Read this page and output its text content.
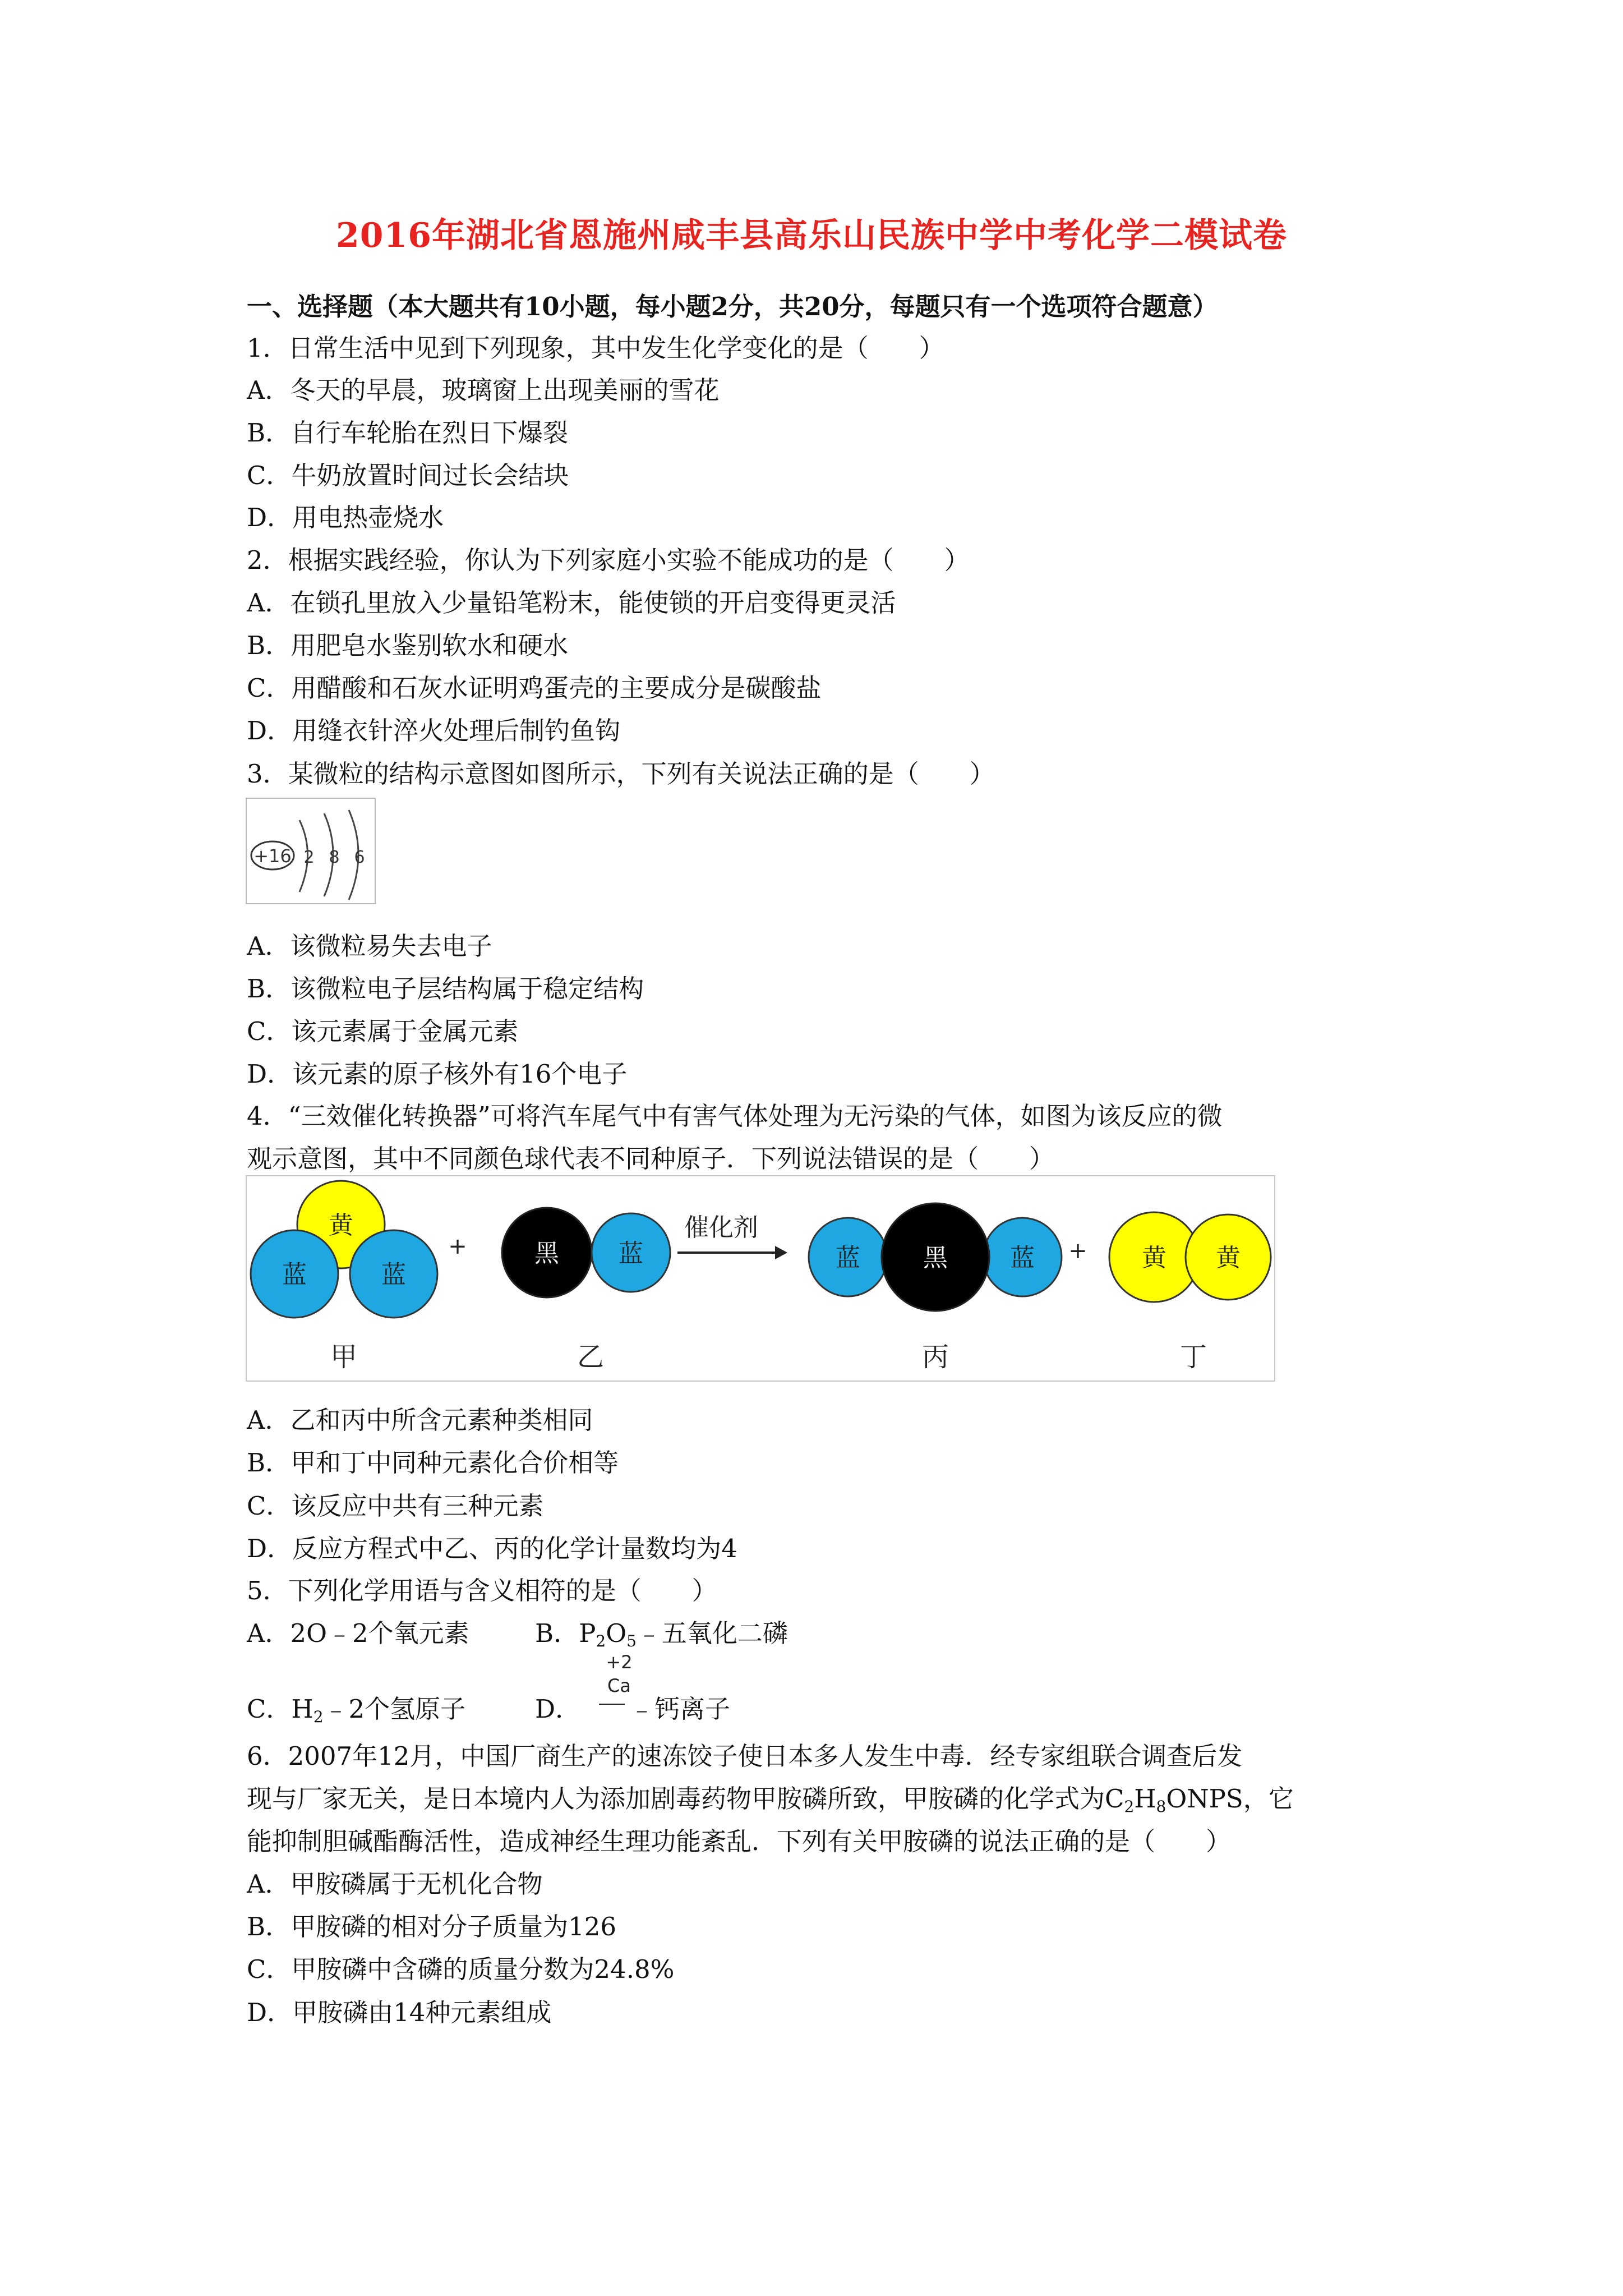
2016年湖北省恩施州咸丰县高乐山民族中学中考化学二模试卷
一、选择题（本大题共有10小题，每小题2分，共20分，每题只有一个选项符合题意）
1．日常生活中见到下列现象，其中发生化学变化的是（　　）
A．冬天的早晨，玻璃窗上出现美丽的雪花
B．自行车轮胎在烈日下爆裂
C．牛奶放置时间过长会结块
D．用电热壶烧水
2．根据实践经验，你认为下列家庭小实验不能成功的是（　　）
A．在锁孔里放入少量铅笔粉末，能使锁的开启变得更灵活
B．用肥皂水鉴别软水和硬水
C．用醋酸和石灰水证明鸡蛋壳的主要成分是碳酸盐
D．用缝衣针淬火处理后制钓鱼钩
3．某微粒的结构示意图如图所示，下列有关说法正确的是（　　）
+16 2 8 6
A．该微粒易失去电子
B．该微粒电子层结构属于稳定结构
C．该元素属于金属元素
D．该元素的原子核外有16个电子
4．“三效催化转换器”可将汽车尾气中有害气体处理为无污染的气体，如图为该反应的微
观示意图，其中不同颜色球代表不同种原子．下列说法错误的是（　　）
黄
蓝	蓝
+	黑 蓝
催化剂
蓝	蓝
黑	+ 黄 黄
甲	乙	丙	丁
A．乙和丙中所含元素种类相同
B．甲和丁中同种元素化合价相等
C．该反应中共有三种元素
D．反应方程式中乙、丙的化学计量数均为4
5．下列化学用语与含义相符的是（　　）
A．2O﹣2个氧元素	B．$P_2O_5﹣$五氧化二磷
C．$H_2﹣2$个氢原子	D．
+2
Ca
﹣钙离子
6．2007年12月，中国厂商生产的速冻饺子使日本多人发生中毒．经专家组联合调查后发
现与厂家无关，是日本境内人为添加剧毒药物甲胺磷所致，甲胺磷的化学式为$C_2H_8ONPS$，它
能抑制胆碱酯酶活性，造成神经生理功能紊乱．下列有关甲胺磷的说法正确的是（　　）
A．甲胺磷属于无机化合物
B．甲胺磷的相对分子质量为126
C．甲胺磷中含磷的质量分数为24.8%
D．甲胺磷由14种元素组成
